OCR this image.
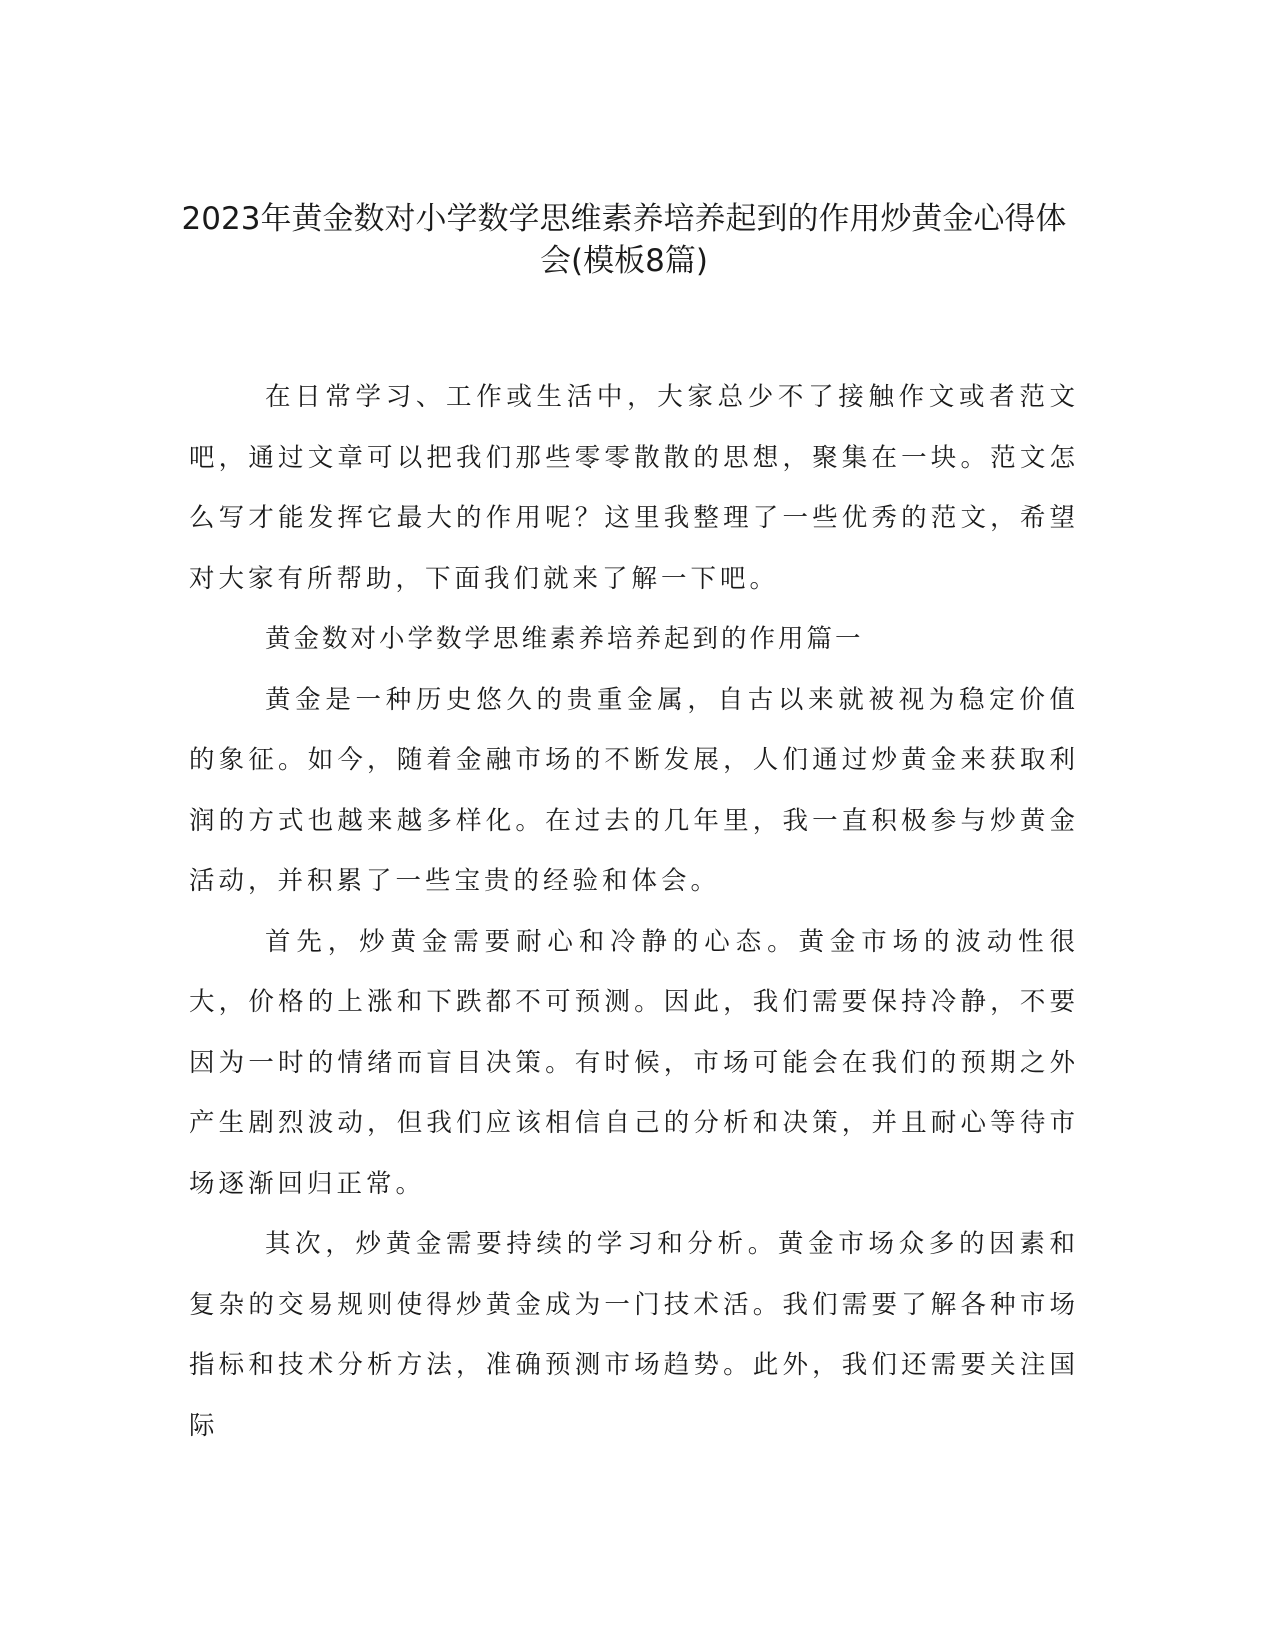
2023年黄金数对小学数学思维素养培养起到的作用炒黄金心得体会(模板8篇)

在日常学习、工作或生活中，大家总少不了接触作文或者范文吧，通过文章可以把我们那些零零散散的思想，聚集在一块。范文怎么写才能发挥它最大的作用呢？这里我整理了一些优秀的范文，希望对大家有所帮助，下面我们就来了解一下吧。

黄金数对小学数学思维素养培养起到的作用篇一

黄金是一种历史悠久的贵重金属，自古以来就被视为稳定价值的象征。如今，随着金融市场的不断发展，人们通过炒黄金来获取利润的方式也越来越多样化。在过去的几年里，我一直积极参与炒黄金活动，并积累了一些宝贵的经验和体会。

首先，炒黄金需要耐心和冷静的心态。黄金市场的波动性很大，价格的上涨和下跌都不可预测。因此，我们需要保持冷静，不要因为一时的情绪而盲目决策。有时候，市场可能会在我们的预期之外产生剧烈波动，但我们应该相信自己的分析和决策，并且耐心等待市场逐渐回归正常。

其次，炒黄金需要持续的学习和分析。黄金市场众多的因素和复杂的交易规则使得炒黄金成为一门技术活。我们需要了解各种市场指标和技术分析方法，准确预测市场趋势。此外，我们还需要关注国际
